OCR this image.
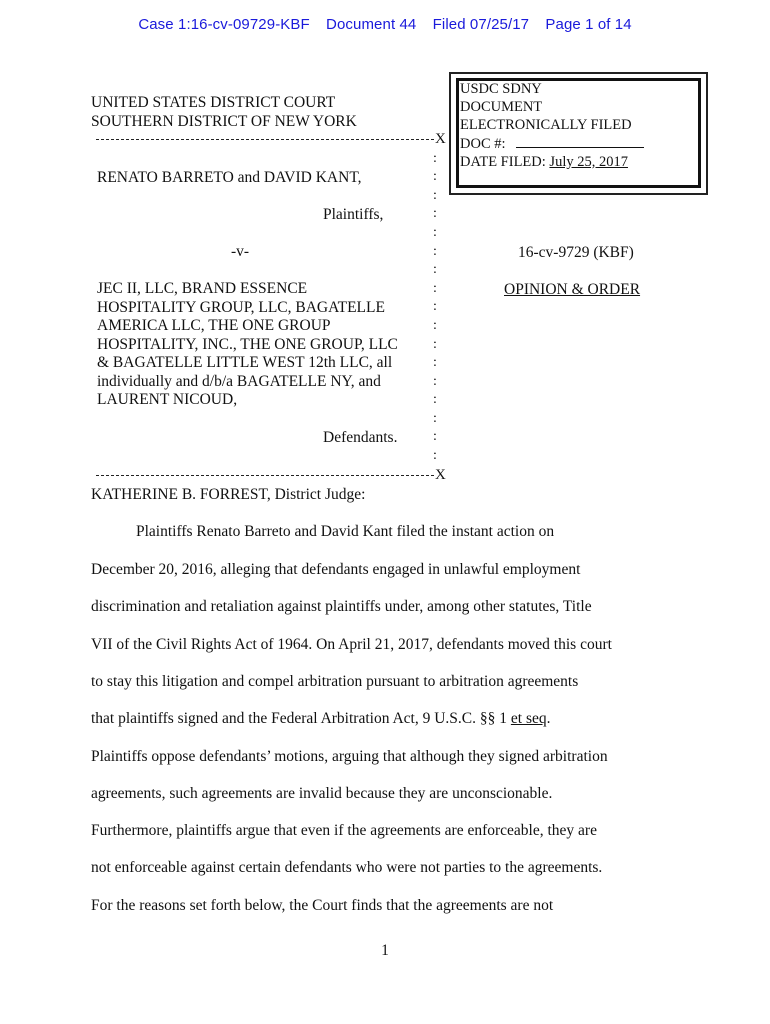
Case 1:16-cv-09729-KBF Document 44 Filed 07/25/17 Page 1 of 14
UNITED STATES DISTRICT COURT
SOUTHERN DISTRICT OF NEW YORK
USDC SDNY
DOCUMENT
ELECTRONICALLY FILED
DOC #:
DATE FILED: July 25, 2017
X
X
:
:
:
:
:
:
:
:
:
:
:
:
:
:
:
:
:
RENATO BARRETO and DAVID KANT,
Plaintiffs,
-v-
JEC II, LLC, BRAND ESSENCE
HOSPITALITY GROUP, LLC, BAGATELLE
AMERICA LLC, THE ONE GROUP
HOSPITALITY, INC., THE ONE GROUP, LLC
& BAGATELLE LITTLE WEST 12th LLC, all
individually and d/b/a BAGATELLE NY, and
LAURENT NICOUD,
Defendants.
16-cv-9729 (KBF)
OPINION & ORDER
KATHERINE B. FORREST, District Judge:
Plaintiffs Renato Barreto and David Kant filed the instant action on
December 20, 2016, alleging that defendants engaged in unlawful employment
discrimination and retaliation against plaintiffs under, among other statutes, Title
VII of the Civil Rights Act of 1964. On April 21, 2017, defendants moved this court
to stay this litigation and compel arbitration pursuant to arbitration agreements
that plaintiffs signed and the Federal Arbitration Act, 9 U.S.C. §§ 1 et seq.
Plaintiffs oppose defendants’ motions, arguing that although they signed arbitration
agreements, such agreements are invalid because they are unconscionable.
Furthermore, plaintiffs argue that even if the agreements are enforceable, they are
not enforceable against certain defendants who were not parties to the agreements.
For the reasons set forth below, the Court finds that the agreements are not
1
